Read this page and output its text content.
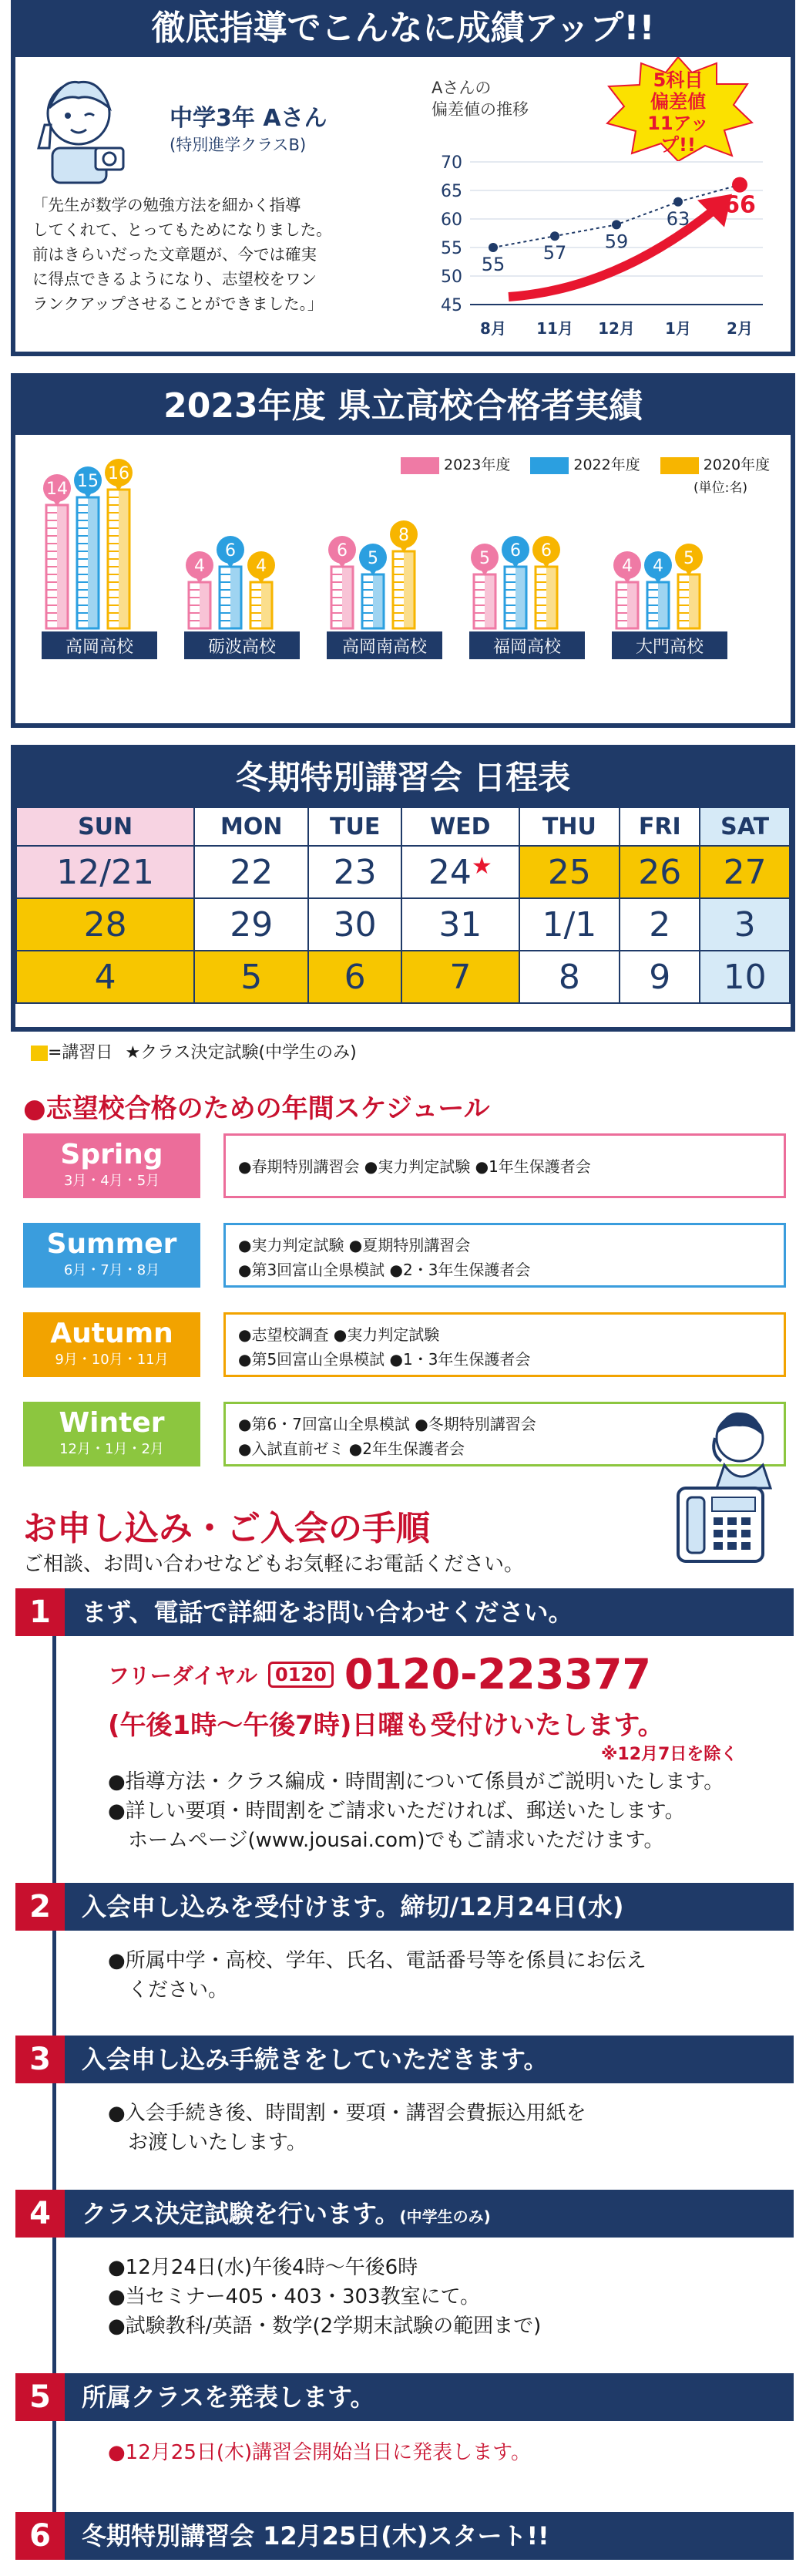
徹底指導でこんなに成績アップ!!
中学3年 Aさん
(特別進学クラスB)
「先生が数学の勉強方法を細かく指導
してくれて、とってもためになりました。
前はきらいだった文章題が、今では確実
に得点できるようになり、志望校をワン
ランクアップさせることができました。」
Aさんの
偏差値の推移
45
50
55
60
65
70
8月 11月 12月 1月 2月
55
57
59
63
66
5科目
偏差値
11アップ!!
2023年度 県立高校合格者実績
2023年度	2022年度	2020年度
(単位:名)
14 15 16
高岡高校
4
6
4
砺波高校
6 5
8
高岡南高校
5 6 6
福岡高校
4 4 5
大門高校
冬期特別講習会 日程表
SUN	MON	TUE	WED	THU	FRI	SAT
12/21	22	23	24★	25	26	27
28	29	30	31	1/1	2	3
4	5	6	7	8	9	10
=講習日 ★クラス決定試験(中学生のみ)
●志望校合格のための年間スケジュール
Spring
3月・4月・5月
●春期特別講習会 ●実力判定試験 ●1年生保護者会
Summer
6月・7月・8月
●実力判定試験 ●夏期特別講習会
●第3回富山全県模試 ●2・3年生保護者会
Autumn
9月・10月・11月
●志望校調査 ●実力判定試験
●第5回富山全県模試 ●1・3年生保護者会
Winter
12月・1月・2月
●第6・7回富山全県模試 ●冬期特別講習会
●入試直前ゼミ ●2年生保護者会
お申し込み・ご入会の手順
ご相談、お問い合わせなどもお気軽にお電話ください。
1	まず、電話で詳細をお問い合わせください。
フリーダイヤル 0120 0120-223377
(午後1時〜午後7時)日曜も受付けいたします。
※12月7日を除く
●指導方法・クラス編成・時間割について係員がご説明いたします。
●詳しい要項・時間割をご請求いただければ、郵送いたします。
ホームページ(www.jousai.com)でもご請求いただけます。
2	入会申し込みを受付けます。締切/12月24日(水)
●所属中学・高校、学年、氏名、電話番号等を係員にお伝え
ください。
3	入会申し込み手続きをしていただきます。
●入会手続き後、時間割・要項・講習会費振込用紙を
お渡しいたします。
4	クラス決定試験を行います。(中学生のみ)
●12月24日(水)午後4時〜午後6時
●当セミナー405・403・303教室にて。
●試験教科/英語・数学(2学期末試験の範囲まで)
5	所属クラスを発表します。
●12月25日(木)講習会開始当日に発表します。
6	冬期特別講習会 12月25日(木)スタート!!
